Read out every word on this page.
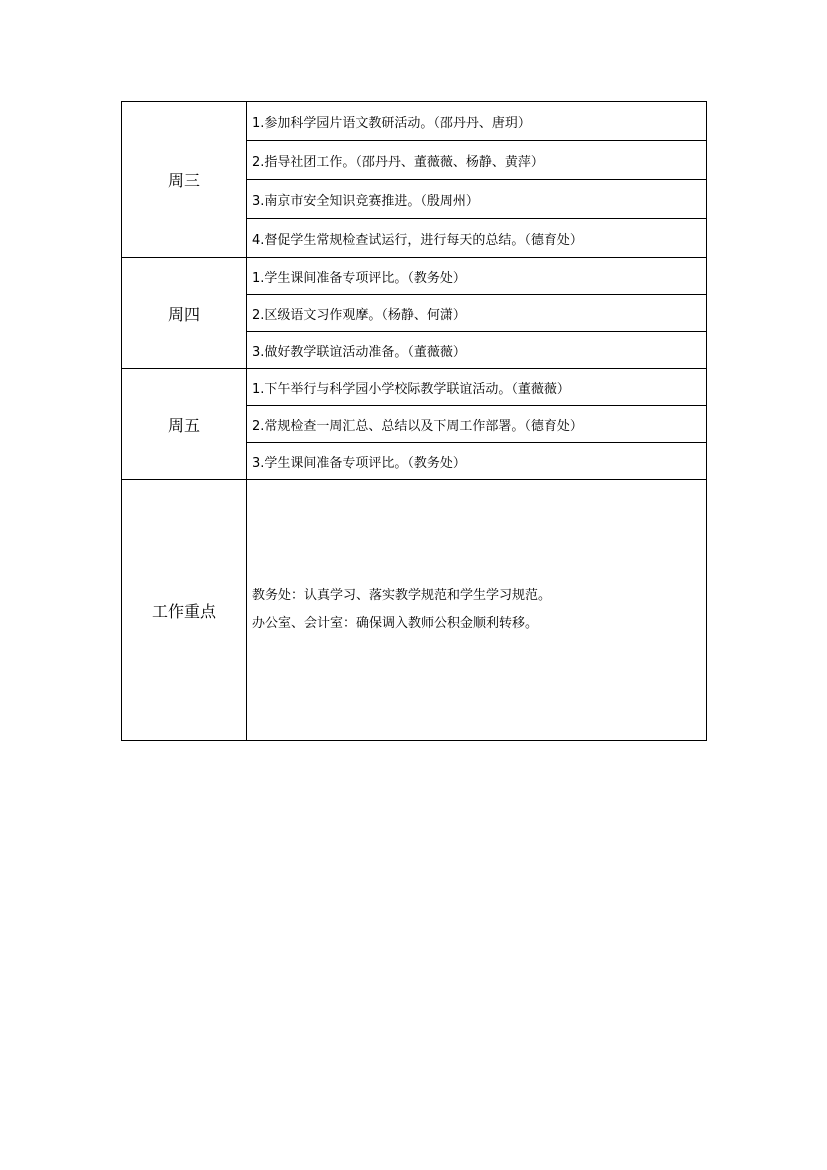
周三	1.参加科学园片语文教研活动。（邵丹丹、唐玥）
	2.指导社团工作。（邵丹丹、董薇薇、杨静、黄萍）
	3.南京市安全知识竞赛推进。（殷周州）
	4.督促学生常规检查试运行，进行每天的总结。（德育处）
周四	1.学生课间准备专项评比。（教务处）
	2.区级语文习作观摩。（杨静、何潇）
	3.做好教学联谊活动准备。（董薇薇）
周五	1.下午举行与科学园小学校际教学联谊活动。（董薇薇）
	2.常规检查一周汇总、总结以及下周工作部署。（德育处）
	3.学生课间准备专项评比。（教务处）
工作重点	教务处：认真学习、落实教学规范和学生学习规范。
办公室、会计室：确保调入教师公积金顺利转移。
